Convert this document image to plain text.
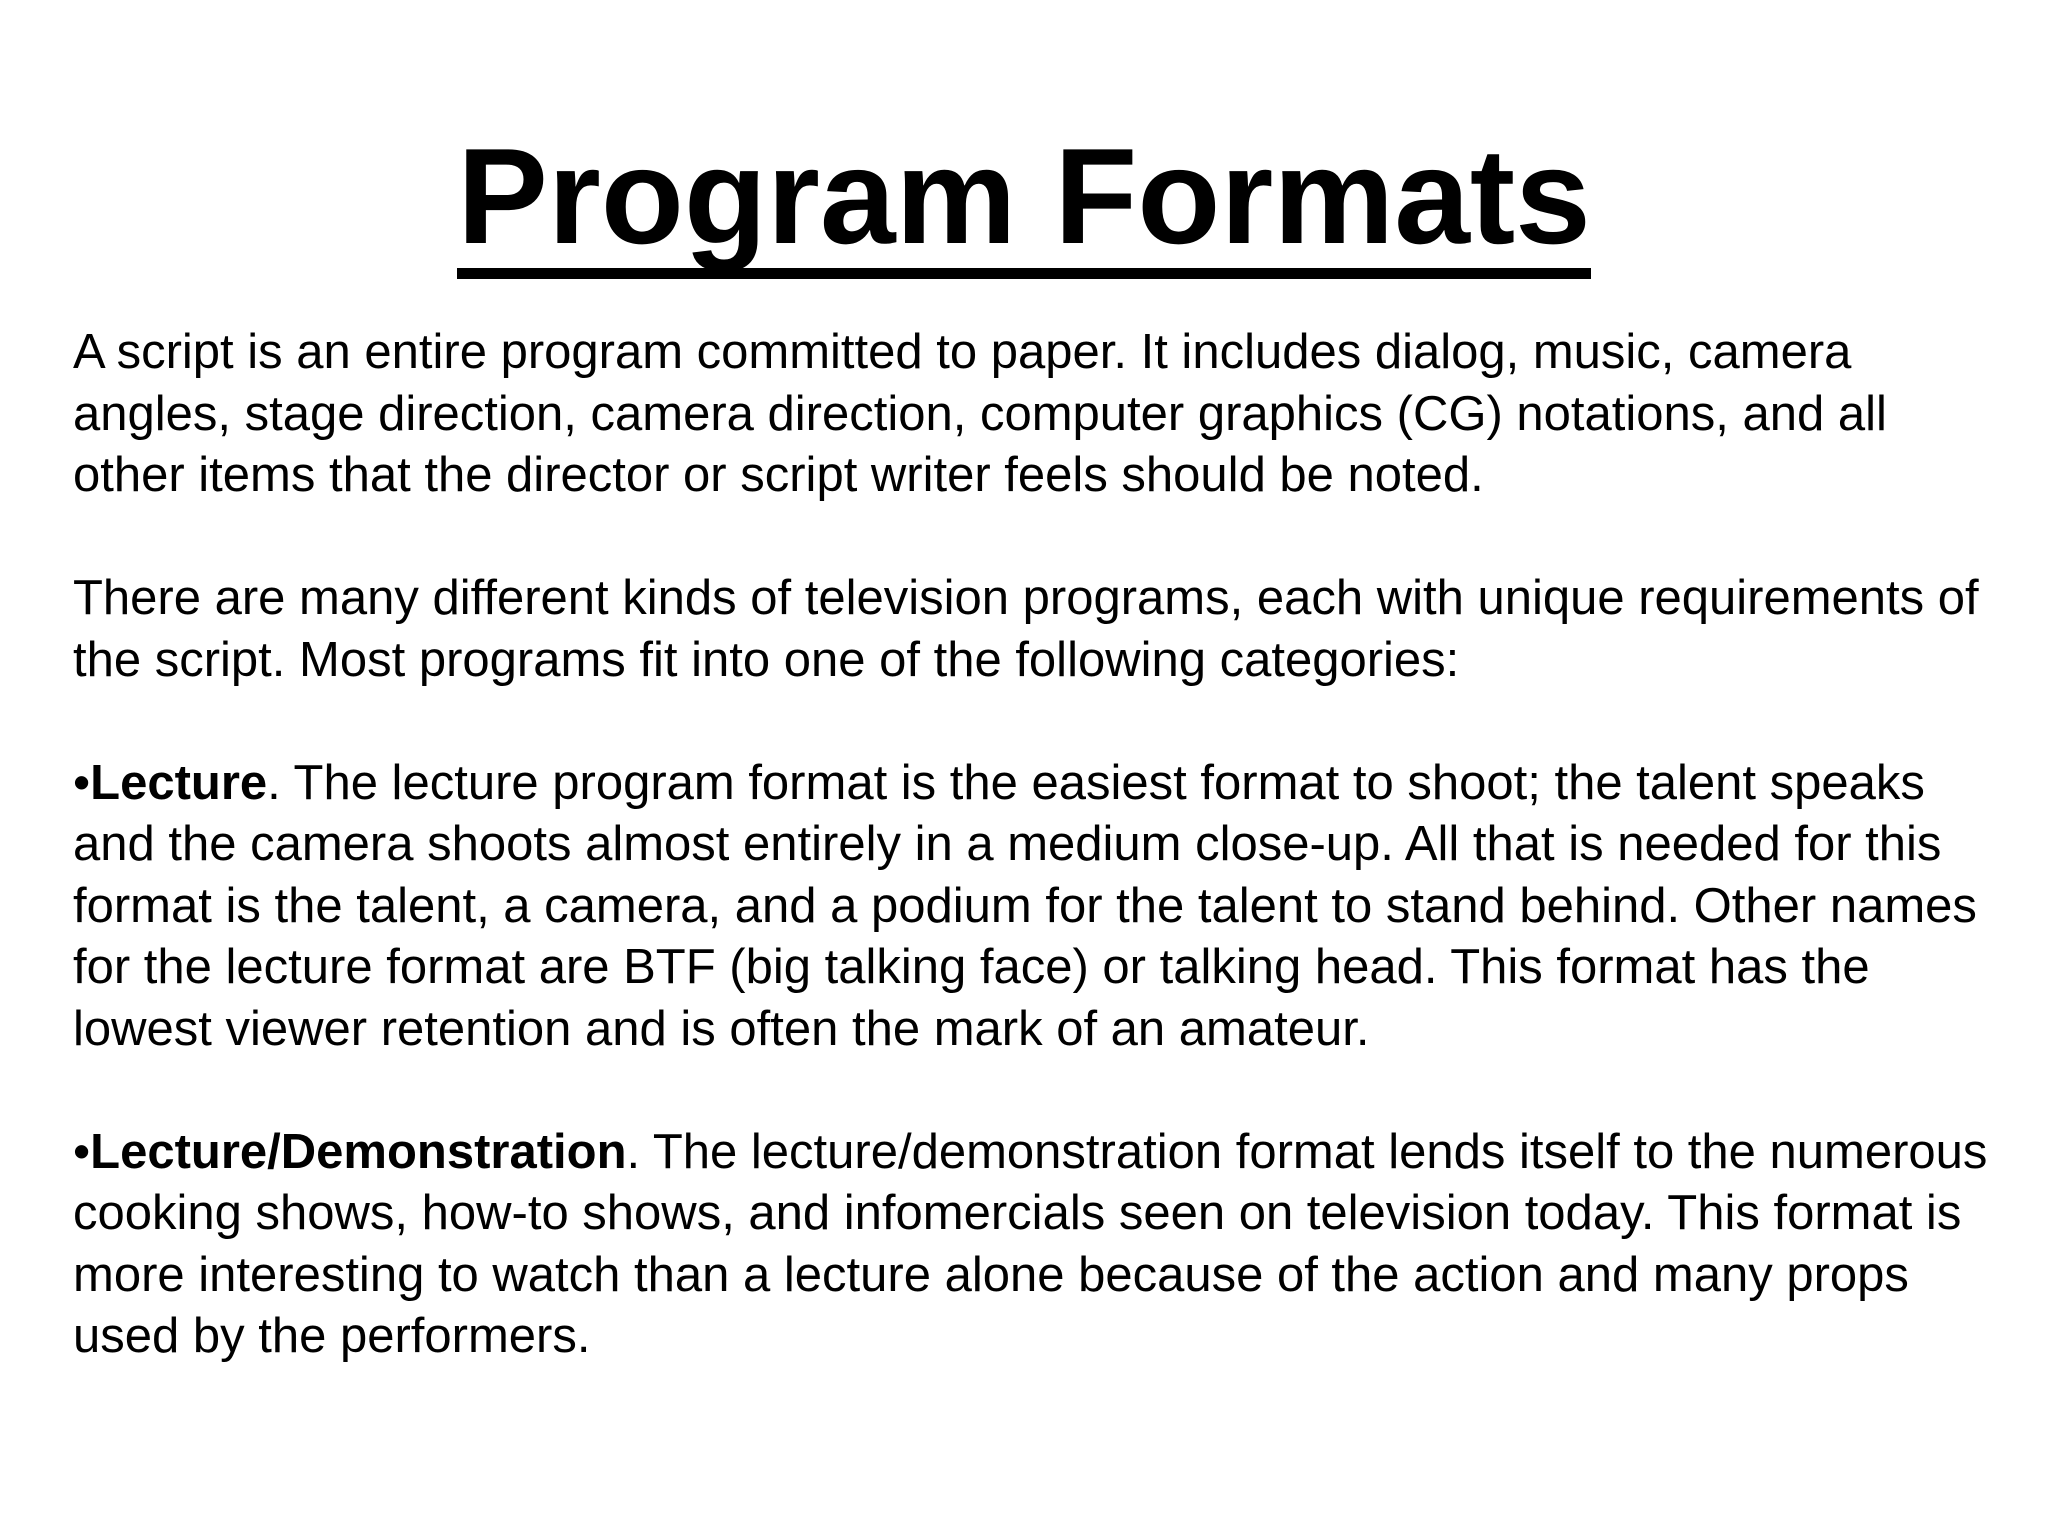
Program Formats

A script is an entire program committed to paper. It includes dialog, music, camera angles, stage direction, camera direction, computer graphics (CG) notations, and all other items that the director or script writer feels should be noted.

There are many different kinds of television programs, each with unique requirements of the script. Most programs fit into one of the following categories:

•Lecture. The lecture program format is the easiest format to shoot; the talent speaks and the camera shoots almost entirely in a medium close-up. All that is needed for this format is the talent, a camera, and a podium for the talent to stand behind. Other names for the lecture format are BTF (big talking face) or talking head. This format has the lowest viewer retention and is often the mark of an amateur.

•Lecture/Demonstration. The lecture/demonstration format lends itself to the numerous cooking shows, how-to shows, and infomercials seen on television today. This format is more interesting to watch than a lecture alone because of the action and many props used by the performers.
